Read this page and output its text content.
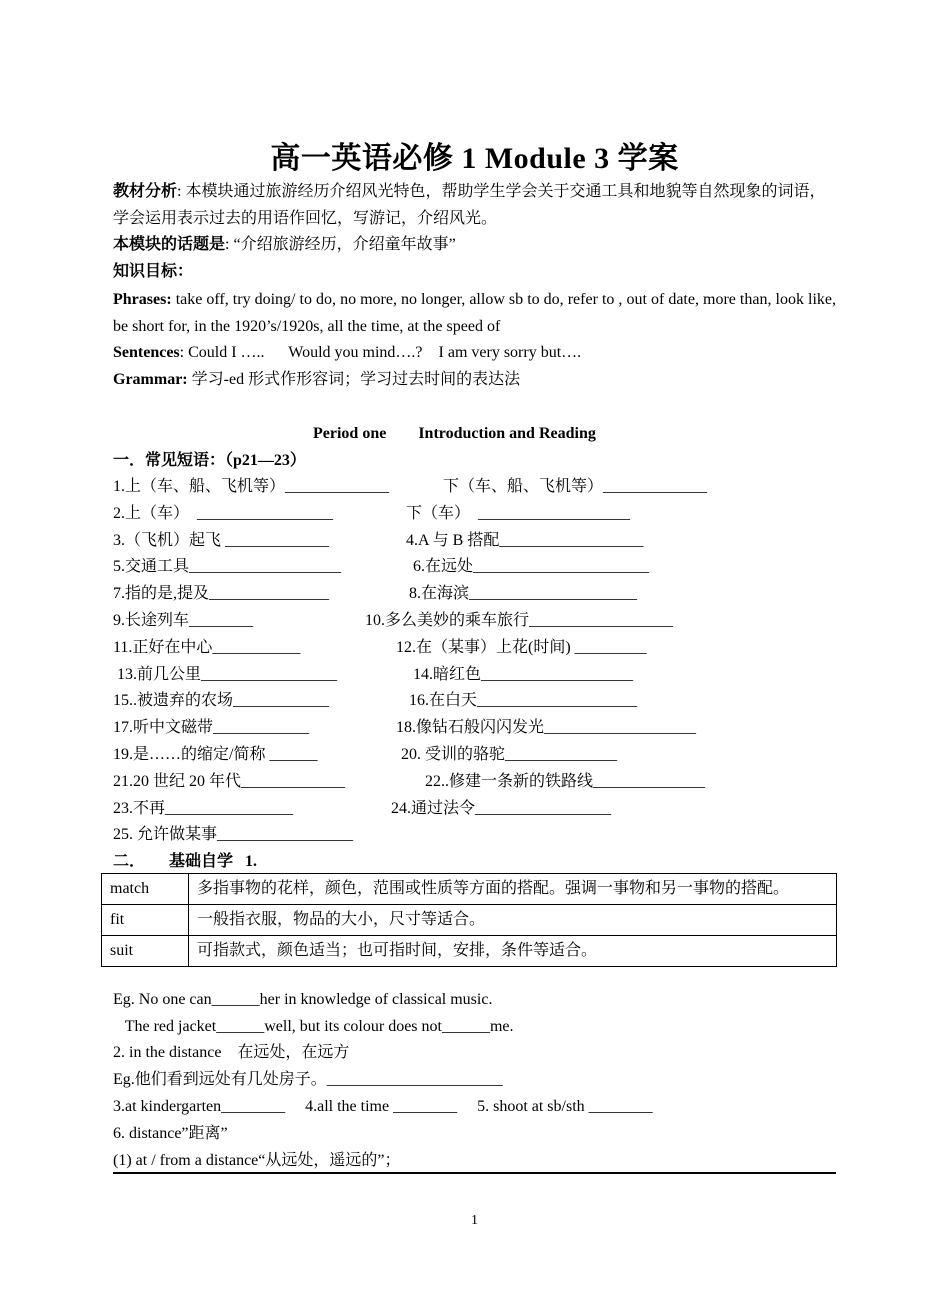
高一英语必修 1 Module 3 学案
教材分析: 本模块通过旅游经历介绍风光特色，帮助学生学会关于交通工具和地貌等自然现象的词语，学会运用表示过去的用语作回忆，写游记，介绍风光。
本模块的话题是: “介绍旅游经历，介绍童年故事”
知识目标：
Phrases: take off, try doing/ to do, no more, no longer, allow sb to do, refer to , out of date, more than, look like, be short for, in the 1920’s/1920s, all the time, at the speed of
Sentences: Could I …..      Would you mind….?    I am very sorry but….
Grammar: 学习-ed 形式作形容词；学习过去时间的表达法
Period one        Introduction and Reading
一．常见短语：（p21—23）
1.上（车、船、飞机等）_____________	下（车、船、飞机等）_____________
2.上（车）  _________________	下（车）  ___________________
3.（飞机）起飞 _____________	4.A 与 B 搭配__________________
5.交通工具___________________	6.在远处______________________
7.指的是,提及_______________	8.在海滨_____________________
9.长途列车________	10.多么美妙的乘车旅行__________________
11.正好在中心___________	12.在（某事）上花(时间) _________
13.前几公里_________________	14.暗红色___________________
15..被遗弃的农场____________	16.在白天____________________
17.听中文磁带____________	18.像钻石般闪闪发光___________________
19.是……的缩定/简称 ______	20. 受训的骆驼______________
21.20 世纪 20 年代_____________	22..修建一条新的铁路线______________
23.不再________________	24.通过法令_________________
25. 允许做某事_________________
二．      基础自学   1.
match	多指事物的花样，颜色，范围或性质等方面的搭配。强调一事物和另一事物的搭配。
fit	一般指衣服，物品的大小，尺寸等适合。
suit	可指款式，颜色适当；也可指时间，安排，条件等适合。
Eg. No one can______her in knowledge of classical music.
The red jacket______well, but its colour does not______me.
2. in the distance    在远处，在远方
Eg.他们看到远处有几处房子。______________________
3.at kindergarten________     4.all the time ________     5. shoot at sb/sth ________
6. distance”距离”
(1) at / from a distance“从远处，遥远的”；
1
